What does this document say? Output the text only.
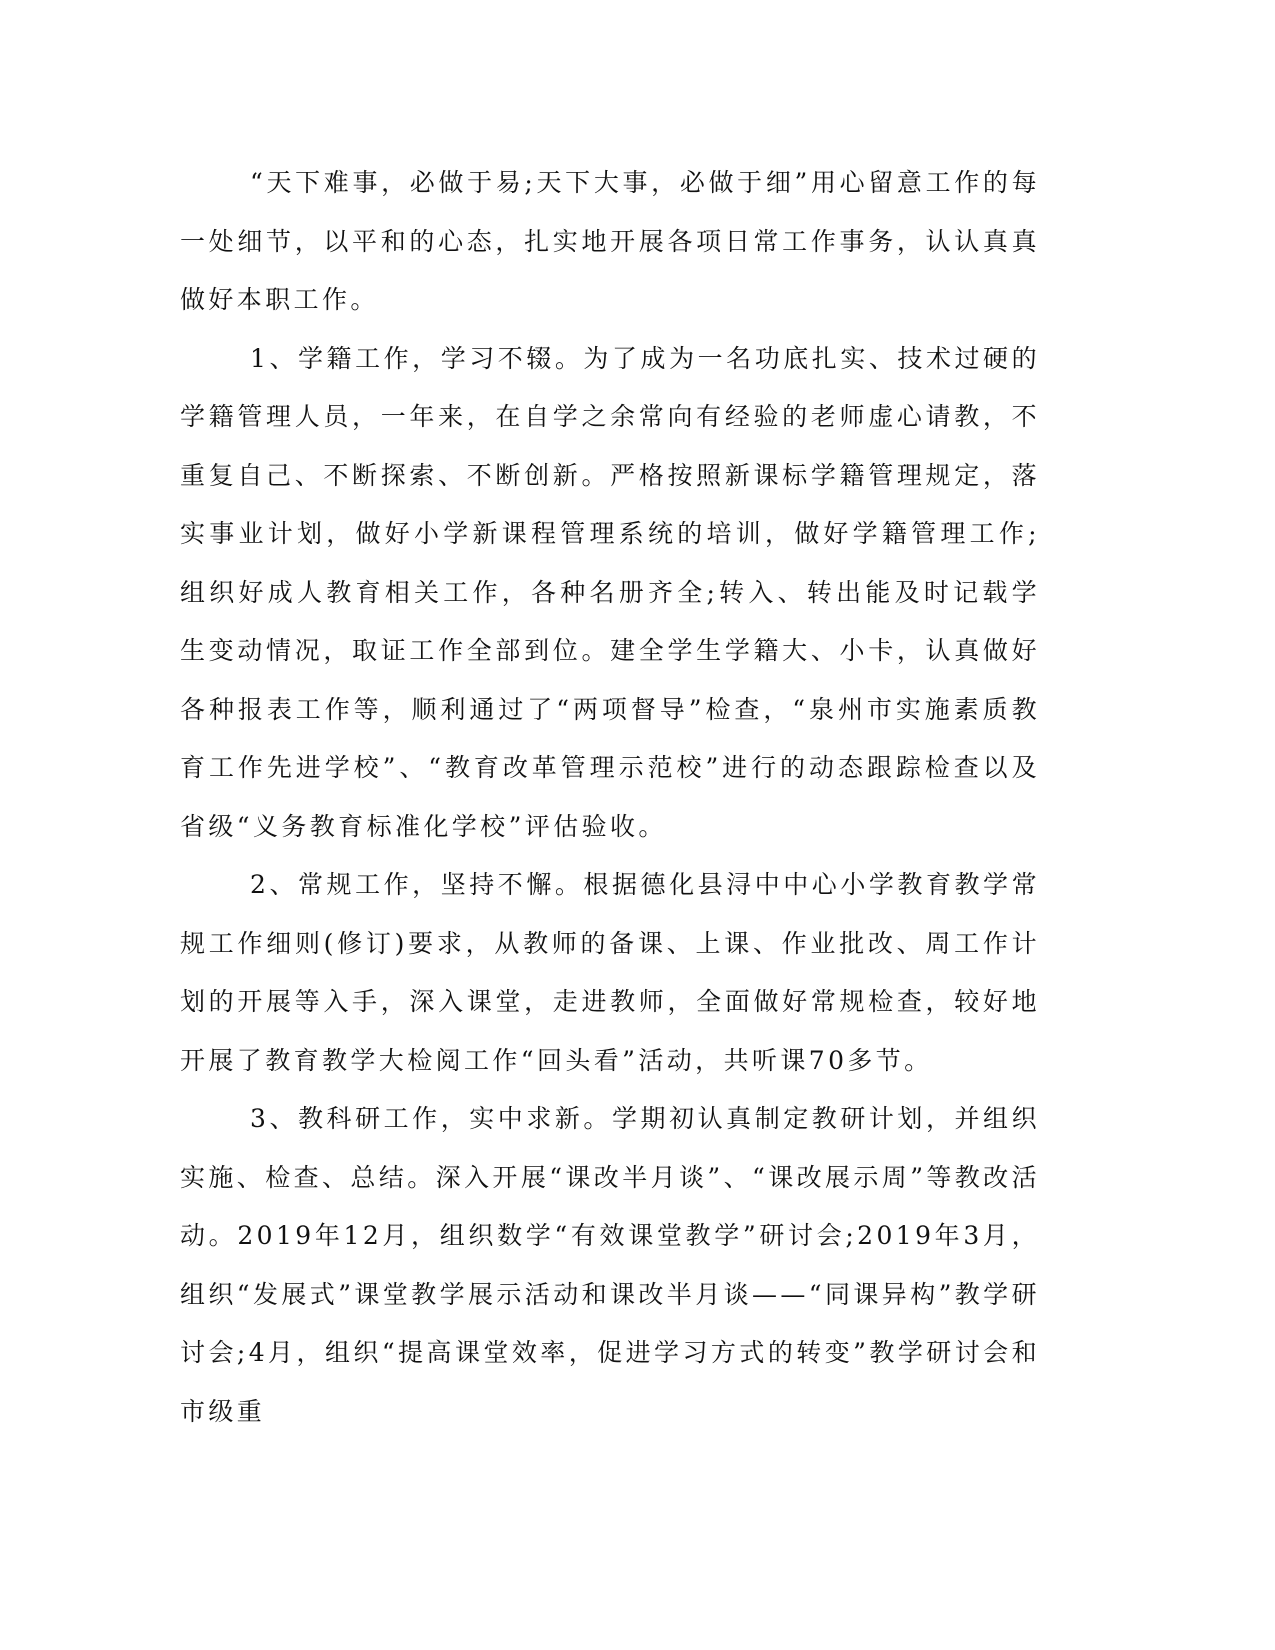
“天下难事，必做于易;天下大事，必做于细”用心留意工作的每一处细节，以平和的心态，扎实地开展各项日常工作事务，认认真真做好本职工作。

1、学籍工作，学习不辍。为了成为一名功底扎实、技术过硬的学籍管理人员，一年来，在自学之余常向有经验的老师虚心请教，不重复自己、不断探索、不断创新。严格按照新课标学籍管理规定，落实事业计划，做好小学新课程管理系统的培训，做好学籍管理工作;组织好成人教育相关工作，各种名册齐全;转入、转出能及时记载学生变动情况，取证工作全部到位。建全学生学籍大、小卡，认真做好各种报表工作等，顺利通过了“两项督导”检查，“泉州市实施素质教育工作先进学校”、“教育改革管理示范校”进行的动态跟踪检查以及省级“义务教育标准化学校”评估验收。

2、常规工作，坚持不懈。根据德化县浔中中心小学教育教学常规工作细则(修订)要求，从教师的备课、上课、作业批改、周工作计划的开展等入手，深入课堂，走进教师，全面做好常规检查，较好地开展了教育教学大检阅工作“回头看”活动，共听课70多节。

3、教科研工作，实中求新。学期初认真制定教研计划，并组织实施、检查、总结。深入开展“课改半月谈”、“课改展示周”等教改活动。2019年12月，组织数学“有效课堂教学”研讨会;2019年3月，组织“发展式”课堂教学展示活动和课改半月谈——“同课异构”教学研讨会;4月，组织“提高课堂效率，促进学习方式的转变”教学研讨会和市级重
